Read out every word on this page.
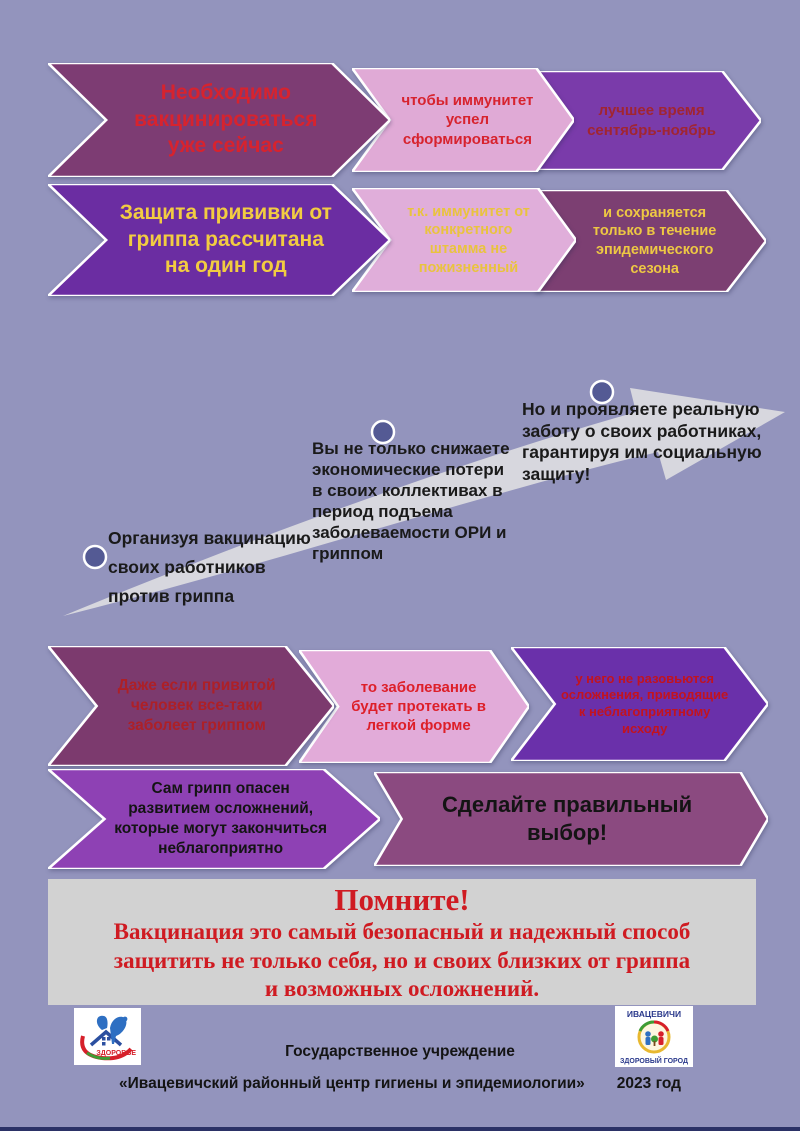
Необходимо вакцинироваться уже сейчас
чтобы иммунитет успел сформироваться
лучшее время сентябрь-ноябрь
Защита прививки от гриппа рассчитана на один год
т.к. иммунитет от конкретного штамма не пожизненный
и сохраняется только в течение эпидемического сезона
Организуя вакцинацию своих работников против гриппа
Вы не только снижаете экономические потери в своих коллективах в период подъема заболеваемости ОРИ и гриппом
Но и проявляете реальную заботу о своих работниках, гарантируя им социальную защиту!
Даже если привитой человек все-таки заболеет гриппом
то заболевание будет протекать в легкой форме
у него не разовьются осложнения, приводящие к неблагоприятному исходу
Сам грипп опасен развитием осложнений, которые могут закончиться неблагоприятно
Сделайте правильный выбор!
Помните!
Вакцинация это самый безопасный и надежный способ
защитить не только себя, но и своих близких от гриппа
и возможных осложнений.
ЗДОРОВЬЕ
ИВАЦЕВИЧИ
ЗДОРОВЫЙ ГОРОД
Государственное учреждение
«Ивацевичский районный центр гигиены и эпидемиологии» 2023 год
